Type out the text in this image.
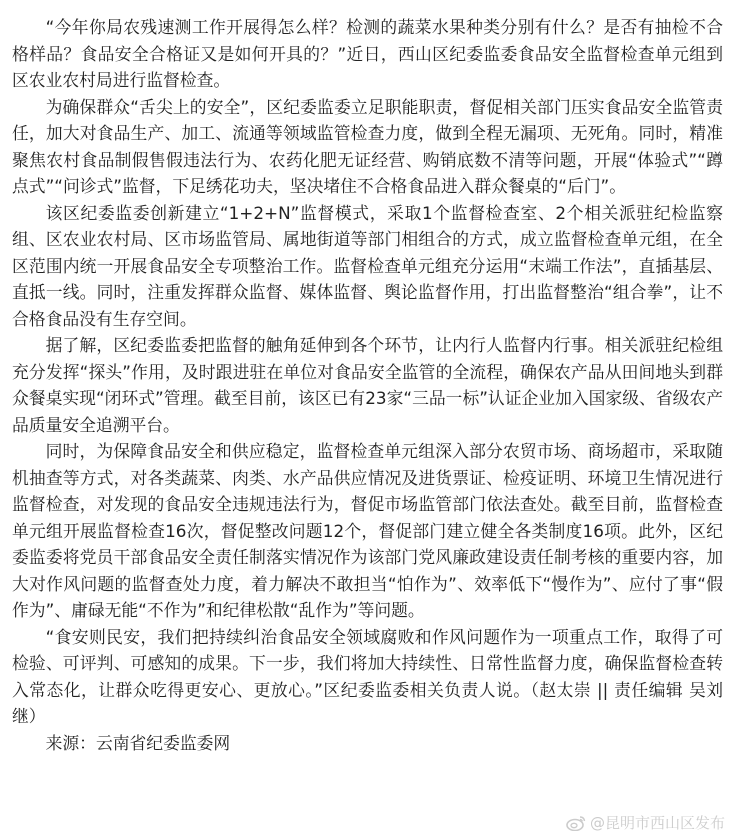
“今年你局农残速测工作开展得怎么样？检测的蔬菜水果种类分别有什么？是否有抽检不合格样品？食品安全合格证又是如何开具的？”近日，西山区纪委监委食品安全监督检查单元组到区农业农村局进行监督检查。

为确保群众“舌尖上的安全”，区纪委监委立足职能职责，督促相关部门压实食品安全监管责任，加大对食品生产、加工、流通等领域监管检查力度，做到全程无漏项、无死角。同时，精准聚焦农村食品制假售假违法行为、农药化肥无证经营、购销底数不清等问题，开展“体验式”“蹲点式”“问诊式”监督，下足绣花功夫，坚决堵住不合格食品进入群众餐桌的“后门”。

该区纪委监委创新建立“1+2+N”监督模式，采取1个监督检查室、2个相关派驻纪检监察组、区农业农村局、区市场监管局、属地街道等部门相组合的方式，成立监督检查单元组，在全区范围内统一开展食品安全专项整治工作。监督检查单元组充分运用“末端工作法”，直插基层、直抵一线。同时，注重发挥群众监督、媒体监督、舆论监督作用，打出监督整治“组合拳”，让不合格食品没有生存空间。

据了解，区纪委监委把监督的触角延伸到各个环节，让内行人监督内行事。相关派驻纪检组充分发挥“探头”作用，及时跟进驻在单位对食品安全监管的全流程，确保农产品从田间地头到群众餐桌实现“闭环式”管理。截至目前，该区已有23家“三品一标”认证企业加入国家级、省级农产品质量安全追溯平台。

同时，为保障食品安全和供应稳定，监督检查单元组深入部分农贸市场、商场超市，采取随机抽查等方式，对各类蔬菜、肉类、水产品供应情况及进货票证、检疫证明、环境卫生情况进行监督检查，对发现的食品安全违规违法行为，督促市场监管部门依法查处。截至目前，监督检查单元组开展监督检查16次，督促整改问题12个，督促部门建立健全各类制度16项。此外，区纪委监委将党员干部食品安全责任制落实情况作为该部门党风廉政建设责任制考核的重要内容，加大对作风问题的监督查处力度，着力解决不敢担当“怕作为”、效率低下“慢作为”、应付了事“假作为”、庸碌无能“不作为”和纪律松散“乱作为”等问题。

“食安则民安，我们把持续纠治食品安全领域腐败和作风问题作为一项重点工作，取得了可检验、可评判、可感知的成果。下一步，我们将加大持续性、日常性监督力度，确保监督检查转入常态化，让群众吃得更安心、更放心。”区纪委监委相关负责人说。（赵太崇 || 责任编辑 吴刘继）

来源：云南省纪委监委网

@昆明市西山区发布
